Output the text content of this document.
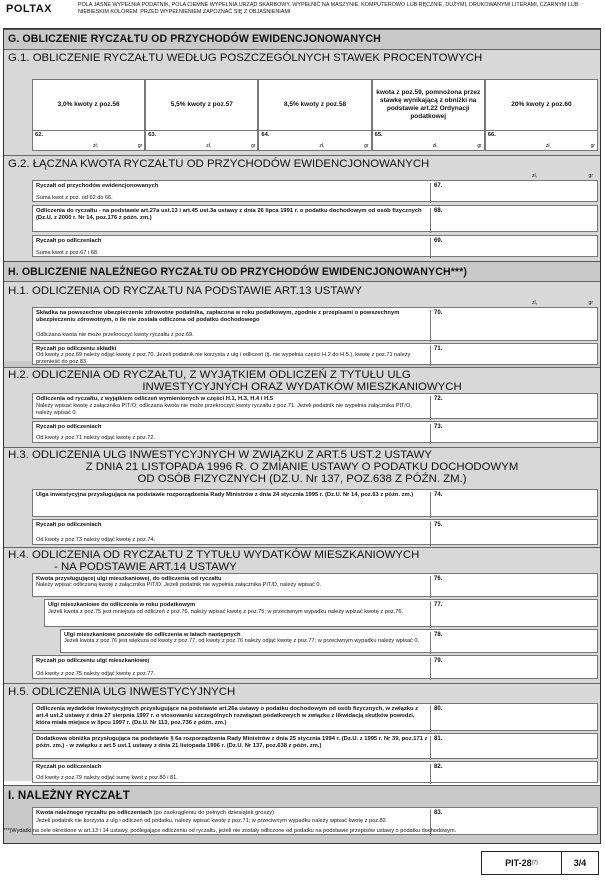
POLTAX	POLA JASNE WYPEŁNIA PODATNIK, POLA CIEMNE WYPEŁNIA URZĄD SKARBOWY. WYPEŁNIĆ NA MASZYNIE, KOMPUTEROWO LUB RĘCZNIE, DUŻYMI, DRUKOWANYMI LITERAMI, CZARNYM LUB NIEBIESKIM KOLOREM. PRZED WYPEŁNIENIEM ZAPOZNAĆ SIĘ Z OBJAŚNIENIAMI
G. OBLICZENIE RYCZAŁTU OD PRZYCHODÓW EWIDENCJONOWANYCH
G.1. OBLICZENIE RYCZAŁTU WEDŁUG POSZCZEGÓLNYCH STAWEK PROCENTOWYCH
3,0% kwoty z poz.56
62.
zł,	gr
5,5% kwoty z poz.57
63.
zł,	gr
8,5% kwoty z poz.58
64.
zł,	gr
kwota z poz.59, pomnożona przez stawkę wynikającą z obniżki na podstawie art.22 Ordynacji podatkowej
65.
zł,	gr
20% kwoty z poz.60
66.
zł,	gr
G.2. ŁĄCZNA KWOTA RYCZAŁTU OD PRZYCHODÓW EWIDENCJONOWANYCH
Ryczałt od przychodów ewidencjonowanych
Suma kwot z poz. od 62 do 66.
67.
zł,	gr
Odliczenia do ryczałtu - na podstawie art.27a ust.13 i art.45 ust.3a ustawy z dnia 26 lipca 1991 r. o podatku dochodowym od osób fizycznych (Dz.U. z 2000 r. Nr 14, poz.176 z późn. zm.)
68.
Ryczałt po odliczeniach
Suma kwot z poz.67 i 68.
69.
H. OBLICZENIE NALEŻNEGO RYCZAŁTU OD PRZYCHODÓW EWIDENCJONOWANYCH***)
H.1. ODLICZENIA OD RYCZAŁTU NA PODSTAWIE ART.13 USTAWY
Składka na powszechne ubezpieczenie zdrowotne podatnika, zapłacona w roku podatkowym, zgodnie z przepisami o powszechnym ubezpieczeniu zdrowotnym, o ile nie została odliczona od podatku dochodowego
Odliczana kwota nie może przekroczyć kwoty ryczałtu z poz.69.
70.
zł,	gr
Ryczałt po odliczeniu składki
Od kwoty z poz.69 należy odjąć kwotę z poz.70. Jeżeli podatnik nie korzysta z ulg i odliczeń (tj. nie wypełnia części H.2 do H.5.), kwotę z poz.71 należy przenieść do poz.83.
71.
H.2. ODLICZENIA OD RYCZAŁTU, Z WYJĄTKIEM ODLICZEŃ Z TYTUŁU ULG
INWESTYCYJNYCH ORAZ WYDATKÓW MIESZKANIOWYCH
Odliczenia od ryczałtu, z wyjątkiem odliczeń wymienionych w części H.1, H.3, H.4 i H.5
Należy wpisać kwotę z załącznika PIT/O; odliczana kwota nie może przekroczyć kwoty ryczałtu z poz.71. Jeżeli podatnik nie wypełnia załącznika PIT/O, należy wpisać 0.
72.
Ryczałt po odliczeniach
Od kwoty z poz.71 należy odjąć kwotę z poz.72.
73.
H.3. ODLICZENIA ULG INWESTYCYJNYCH W ZWIĄZKU Z ART.5 UST.2 USTAWY
Z DNIA 21 LISTOPADA 1996 R. O ZMIANIE USTAWY O PODATKU DOCHODOWYM
OD OSÓB FIZYCZNYCH (DZ.U. Nr 137, POZ.638 Z PÓŹN. ZM.)
Ulga inwestycyjna przysługująca na podstawie rozporządzenia Rady Ministrów z dnia 24 stycznia 1995 r. (Dz.U. Nr 14, poz.63 z późn. zm.)	74.
Ryczałt po odliczeniach
Od kwoty z poz.73 należy odjąć kwotę z poz.74.
75.
H.4. ODLICZENIA OD RYCZAŁTU Z TYTUŁU WYDATKÓW MIESZKANIOWYCH
- NA PODSTAWIE ART.14 USTAWY
Kwota przysługującej ulgi mieszkaniowej, do odliczenia od ryczałtu
Należy wpisać odliczaną kwotę z załącznika PIT/D. Jeżeli podatnik nie wypełnia załącznika PIT/D, należy wpisać 0.
76.
Ulgi mieszkaniowe do odliczenia w roku podatkowym
Jeżeli kwota z poz.75 jest mniejsza od odliczeń z poz.76, należy wpisać kwotę z poz.75; w przeciwnym wypadku należy wpisać kwotę z poz.76.
77.
Ulgi mieszkaniowe pozostałe do odliczenia w latach następnych
Jeżeli kwota z poz.76 jest większa od kwoty z poz.77, od kwoty z poz.76 należy odjąć kwotę z poz.77; w przeciwnym wypadku należy wpisać 0.
78.
Ryczałt po odliczeniu ulgi mieszkaniowej
Od kwoty z poz.75 należy odjąć kwotę z poz.77.
79.
H.5. ODLICZENIA ULG INWESTYCYJNYCH
Odliczenia wydatków inwestycyjnych przysługujące na podstawie art.26a ustawy o podatku dochodowym od osób fizycznych, w związku z art.4 ust.2 ustawy z dnia 27 sierpnia 1997 r. o stosowaniu szczególnych rozwiązań podatkowych w związku z likwidacją skutków powodzi, która miała miejsce w lipcu 1997 r. (Dz.U. Nr 113, poz.736 z późn. zm.)
80.
Dodatkowa obniżka przysługująca na podstawie § 6a rozporządzenia Rady Ministrów z dnia 25 stycznia 1994 r. (Dz.U. z 1995 r. Nr 39, poz.171 z późn. zm.) - w związku z art.5 ust.1 ustawy z dnia 21 listopada 1996 r. (Dz.U. Nr 137, poz.638 z późn. zm.)
81.
Ryczałt po odliczeniach
Od kwoty z poz.79 należy odjąć sumę kwot z poz.80 i 81.
82.
I. NALEŻNY RYCZAŁT
Kwota należnego ryczałtu po odliczeniach (po zaokrągleniu do pełnych dziesiątek groszy)
Jeżeli podatnik nie korzysta z ulg i odliczeń od podatku, należy wpisać kwotę z poz.71; w przeciwnym wypadku należy wpisać kwotę z poz.82.
83.
***)Wydatki na cele określone w art.13 i 14 ustawy, podlegające odliczeniu od ryczałtu, jeżeli nie zostały odliczone od podatku na podstawie przepisów ustawy o podatku dochodowym.
PIT-28 (7)	3/4
